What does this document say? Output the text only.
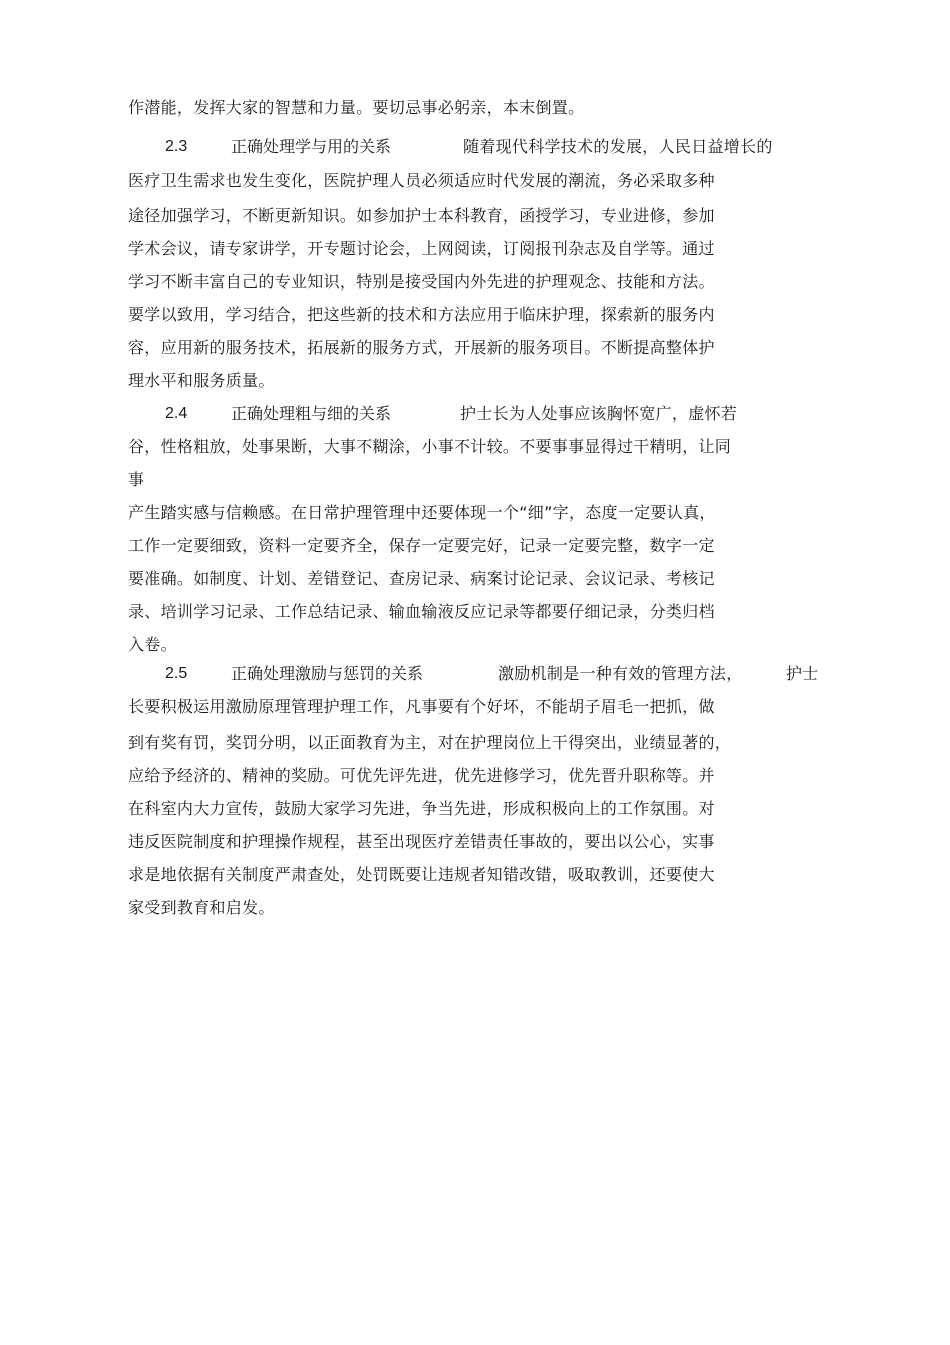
作潜能，发挥大家的智慧和力量。要切忌事必躬亲，本末倒置。
2.3	正确处理学与用的关系	随着现代科学技术的发展，人民日益增长的
医疗卫生需求也发生变化，医院护理人员必须适应时代发展的潮流，务必采取多种
途径加强学习，不断更新知识。如参加护士本科教育，函授学习，专业进修，参加
学术会议，请专家讲学，开专题讨论会，上网阅读，订阅报刊杂志及自学等。通过
学习不断丰富自己的专业知识，特别是接受国内外先进的护理观念、技能和方法。
要学以致用，学习结合，把这些新的技术和方法应用于临床护理，探索新的服务内
容，应用新的服务技术，拓展新的服务方式，开展新的服务项目。不断提高整体护
理水平和服务质量。
2.4	正确处理粗与细的关系	护士长为人处事应该胸怀宽广，虚怀若
谷，性格粗放，处事果断，大事不糊涂，小事不计较。不要事事显得过干精明，让同
事
产生踏实感与信赖感。在日常护理管理中还要体现一个“细”字，态度一定要认真，
工作一定要细致，资料一定要齐全，保存一定要完好，记录一定要完整，数字一定
要准确。如制度、计划、差错登记、查房记录、病案讨论记录、会议记录、考核记
录、培训学习记录、工作总结记录、输血输液反应记录等都要仔细记录，分类归档
入卷。
2.5	正确处理激励与惩罚的关系	激励机制是一种有效的管理方法，	护士
长要积极运用激励原理管理护理工作，凡事要有个好坏，不能胡子眉毛一把抓，做
到有奖有罚，奖罚分明，以正面教育为主，对在护理岗位上干得突出，业绩显著的，
应给予经济的、精神的奖励。可优先评先进，优先进修学习，优先晋升职称等。并
在科室内大力宣传，鼓励大家学习先进，争当先进，形成积极向上的工作氛围。对
违反医院制度和护理操作规程，甚至出现医疗差错责任事故的，要出以公心，实事
求是地依据有关制度严肃查处，处罚既要让违规者知错改错，吸取教训，还要使大
家受到教育和启发。
